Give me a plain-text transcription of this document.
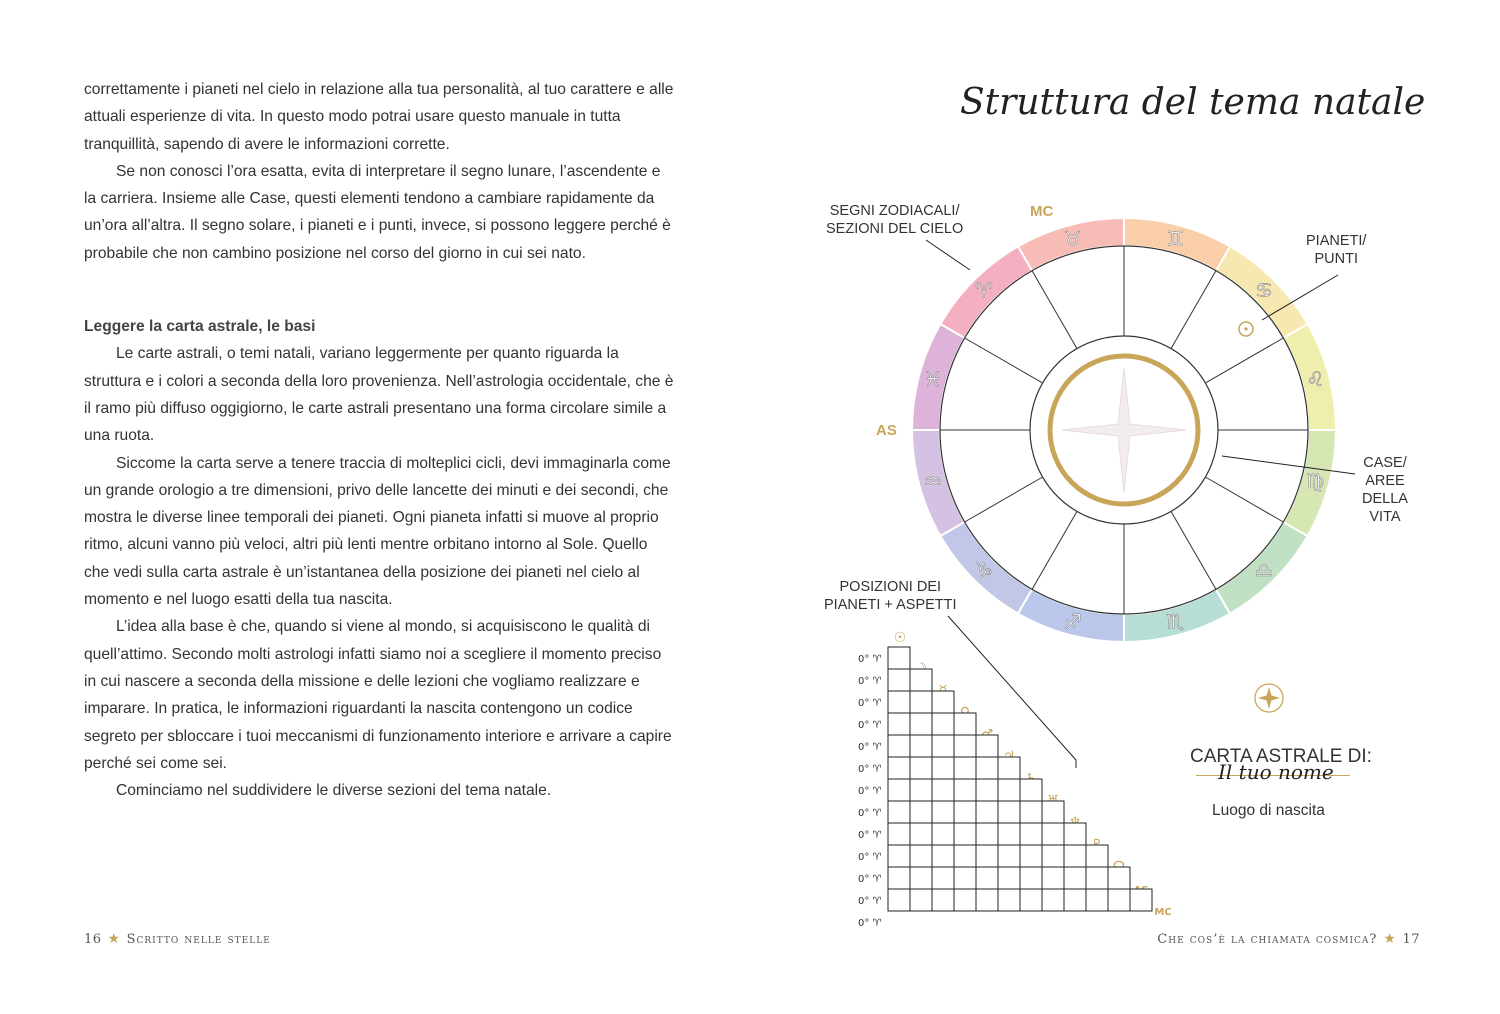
correttamente i pianeti nel cielo in relazione alla tua personalità, al tuo carattere e alle attuali esperienze di vita. In questo modo potrai usare questo manuale in tutta tranquillità, sapendo di avere le informazioni corrette.

Se non conosci l’ora esatta, evita di interpretare il segno lunare, l’ascendente e la carriera. Insieme alle Case, questi elementi tendono a cambiare rapidamente da un’ora all’altra. Il segno solare, i pianeti e i punti, invece, si possono leggere perché è probabile che non cambino posizione nel corso del giorno in cui sei nato.

Leggere la carta astrale, le basi

Le carte astrali, o temi natali, variano leggermente per quanto riguarda la struttura e i colori a seconda della loro provenienza. Nell’astrologia occidentale, che è il ramo più diffuso oggigiorno, le carte astrali presentano una forma circolare simile a una ruota.

Siccome la carta serve a tenere traccia di molteplici cicli, devi immaginarla come un grande orologio a tre dimensioni, privo delle lancette dei minuti e dei secondi, che mostra le diverse linee temporali dei pianeti. Ogni pianeta infatti si muove al proprio ritmo, alcuni vanno più veloci, altri più lenti mentre orbitano intorno al Sole. Quello che vedi sulla carta astrale è un’istantanea della posizione dei pianeti nel cielo al momento e nel luogo esatti della tua nascita.

L’idea alla base è che, quando si viene al mondo, si acquisiscono le qualità di quell’attimo. Secondo molti astrologi infatti siamo noi a scegliere il momento preciso in cui nascere a seconda della missione e delle lezioni che vogliamo realizzare e imparare. In pratica, le informazioni riguardanti la nascita contengono un codice segreto per sbloccare i tuoi meccanismi di funzionamento interiore e arrivare a capire perché sei come sei.

Cominciamo nel suddividere le diverse sezioni del tema natale.

16 ★ Scritto nelle stelle
Struttura del tema natale
♒
♑
♐	♏
♎
♍
♌
♋
♊
♉
♈
♓
0° ♈
☉
0° ♈
0° ♈
0° ♈
0° ♈
0° ♈
0° ♈
0° ♈
0° ♈
0° ♈
0° ♈
0° ♈
0° ♈
MC
SEGNI ZODIACALI/
SEZIONI DEL CIELO
MC
AS
PIANETI/
PUNTI
CASE/
AREE
DELLA
VITA
POSIZIONI DEI
PIANETI + ASPETTI
CARTA ASTRALE DI:
Il tuo nome
Luogo di nascita
Che cos’è la chiamata cosmica? ★ 17
